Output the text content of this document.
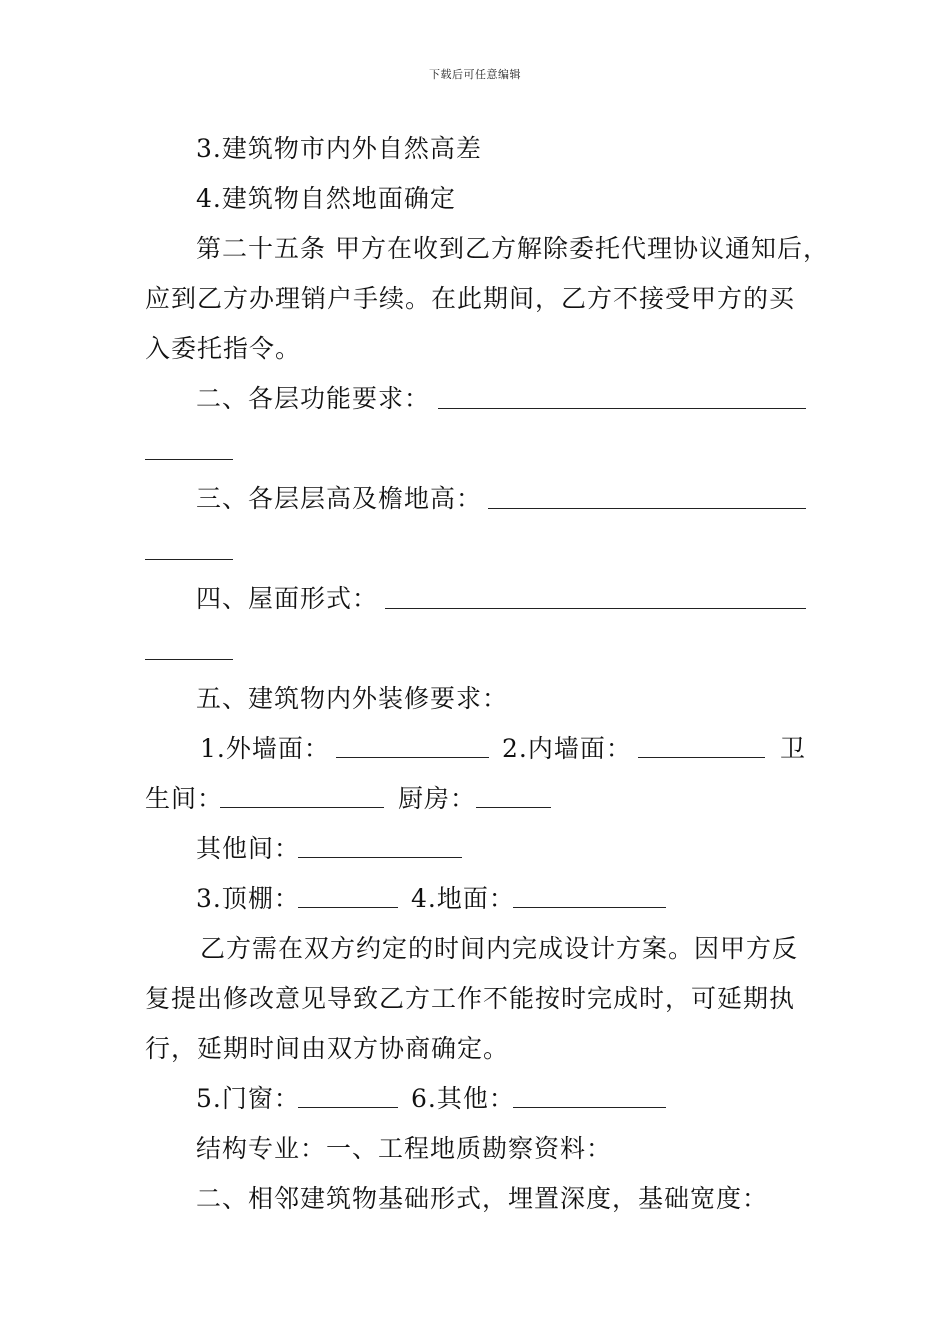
下载后可任意编辑
3.建筑物市内外自然高差
4.建筑物自然地面确定
第二十五条 甲方在收到乙方解除委托代理协议通知后，
应到乙方办理销户手续。在此期间，乙方不接受甲方的买
入委托指令。
二、各层功能要求：
三、各层层高及檐地高：
四、屋面形式：
五、建筑物内外装修要求：
1.外墙面：	2.内墙面：	卫
生间：	厨房：
其他间：
3.顶棚：	4.地面：
乙方需在双方约定的时间内完成设计方案。因甲方反
复提出修改意见导致乙方工作不能按时完成时，可延期执
行，延期时间由双方协商确定。
5.门窗：	6.其他：
结构专业：一、工程地质勘察资料：
二、相邻建筑物基础形式，埋置深度，基础宽度：
